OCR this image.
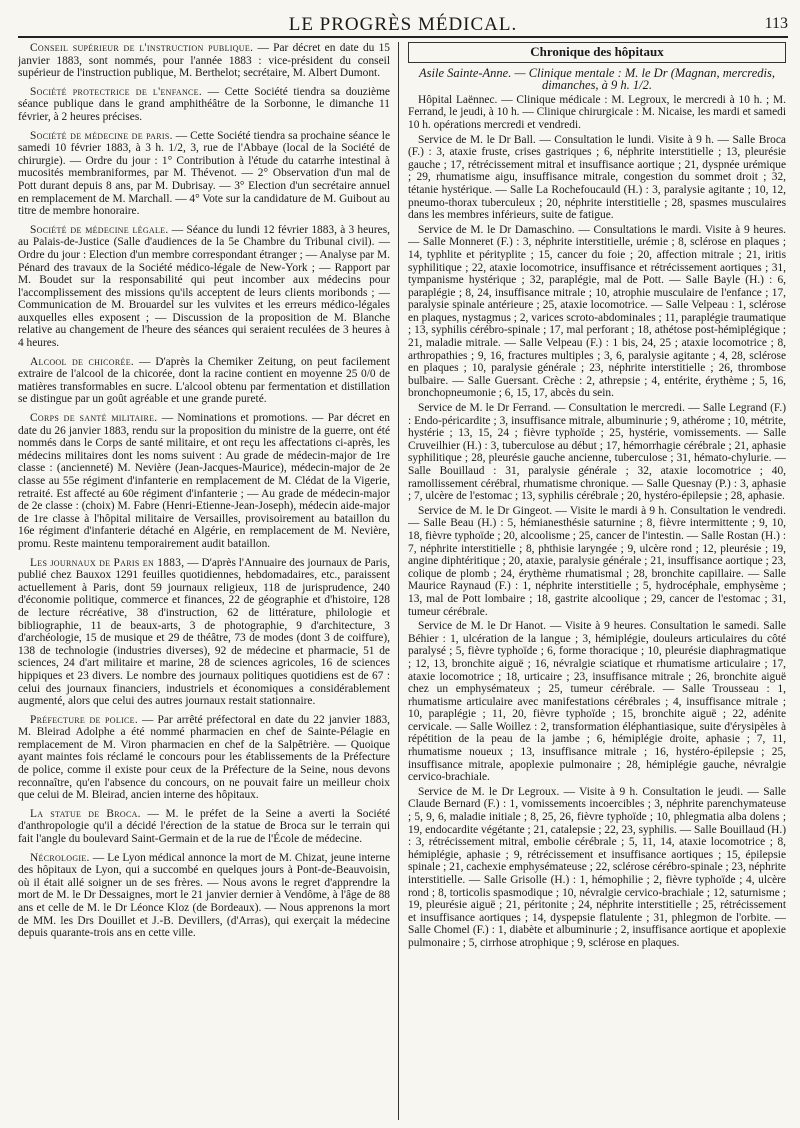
LE PROGRÈS MÉDICAL.	113

Conseil supérieur de l'instruction publique. — Par décret en date du 15 janvier 1883, sont nommés, pour l'année 1883 : vice-président du conseil supérieur de l'instruction publique, M. Berthelot; secrétaire, M. Albert Dumont.

Société protectrice de l'enfance. — Cette Société tiendra sa douzième séance publique dans le grand amphithéâtre de la Sorbonne, le dimanche 11 février, à 2 heures précises.

Société de médecine de paris. — Cette Société tiendra sa prochaine séance le samedi 10 février 1883, à 3 h. 1/2, 3, rue de l'Abbaye (local de la Société de chirurgie). — Ordre du jour : 1° Contribution à l'étude du catarrhe intestinal à mucosités membraniformes, par M. Thévenot. — 2° Observation d'un mal de Pott durant depuis 8 ans, par M. Dubrisay. — 3° Election d'un secrétaire annuel en remplacement de M. Marchall. — 4° Vote sur la candidature de M. Guibout au titre de membre honoraire.

Société de médecine légale. — Séance du lundi 12 février 1883, à 3 heures, au Palais-de-Justice (Salle d'audiences de la 5e Chambre du Tribunal civil). — Ordre du jour : Election d'un membre correspondant étranger ; — Analyse par M. Pénard des travaux de la Société médico-légale de New-York ; — Rapport par M. Boudet sur la responsabilité qui peut incomber aux médecins pour l'accomplissement des missions qu'ils acceptent de leurs clients moribonds ; — Communication de M. Brouardel sur les vulvites et les erreurs médico-légales auxquelles elles exposent ; — Discussion de la proposition de M. Blanche relative au changement de l'heure des séances qui seraient reculées de 3 heures à 4 heures.

Alcool de chicorée. — D'après la Chemiker Zeitung, on peut facilement extraire de l'alcool de la chicorée, dont la racine contient en moyenne 25 0/0 de matières transformables en sucre. L'alcool obtenu par fermentation et distillation se distingue par un goût agréable et une grande pureté.

Corps de santé militaire. — Nominations et promotions. — Par décret en date du 26 janvier 1883, rendu sur la proposition du ministre de la guerre, ont été nommés dans le Corps de santé militaire, et ont reçu les affectations ci-après, les médecins militaires dont les noms suivent : Au grade de médecin-major de 1re classe : (ancienneté) M. Nevière (Jean-Jacques-Maurice), médecin-major de 2e classe au 55e régiment d'infanterie en remplacement de M. Clédat de la Vigerie, retraité. Est affecté au 60e régiment d'infanterie ; — Au grade de médecin-major de 2e classe : (choix) M. Fabre (Henri-Etienne-Jean-Joseph), médecin aide-major de 1re classe à l'hôpital militaire de Versailles, provisoirement au bataillon du 16e régiment d'infanterie détaché en Algérie, en remplacement de M. Nevière, promu. Reste maintenu temporairement audit bataillon.

Les journaux de Paris en 1883, — D'après l'Annuaire des journaux de Paris, publié chez Bauxox 1291 feuilles quotidiennes, hebdomadaires, etc., paraissent actuellement à Paris, dont 59 journaux religieux, 118 de jurisprudence, 240 d'économie politique, commerce et finances, 22 de géographie et d'histoire, 128 de lecture récréative, 38 d'instruction, 62 de littérature, philologie et bibliographie, 11 de beaux-arts, 3 de photographie, 9 d'architecture, 3 d'archéologie, 15 de musique et 29 de théâtre, 73 de modes (dont 3 de coiffure), 138 de technologie (industries diverses), 92 de médecine et pharmacie, 51 de sciences, 24 d'art militaire et marine, 28 de sciences agricoles, 16 de sciences hippiques et 23 divers. Le nombre des journaux politiques quotidiens est de 67 : celui des journaux financiers, industriels et économiques a considérablement augmenté, alors que celui des autres journaux restait stationnaire.

Préfecture de police. — Par arrêté préfectoral en date du 22 janvier 1883, M. Bleirad Adolphe a été nommé pharmacien en chef de Sainte-Pélagie en remplacement de M. Viron pharmacien en chef de la Salpêtrière. — Quoique ayant maintes fois réclamé le concours pour les établissements de la Préfecture de police, comme il existe pour ceux de la Préfecture de la Seine, nous devons reconnaître, qu'en l'absence du concours, on ne pouvait faire un meilleur choix que celui de M. Bleirad, ancien interne des hôpitaux.

La statue de Broca. — M. le préfet de la Seine a averti la Société d'anthropologie qu'il a décidé l'érection de la statue de Broca sur le terrain qui fait l'angle du boulevard Saint-Germain et de la rue de l'École de médecine.

Nécrologie. — Le Lyon médical annonce la mort de M. Chizat, jeune interne des hôpitaux de Lyon, qui a succombé en quelques jours à Pont-de-Beauvoisin, où il était allé soigner un de ses frères. — Nous avons le regret d'apprendre la mort de M. le Dr Dessaignes, mort le 21 janvier dernier à Vendôme, à l'âge de 88 ans et celle de M. le Dr Léonce Kloz (de Bordeaux). — Nous apprenons la mort de MM. les Drs Douillet et J.-B. Devillers, (d'Arras), qui exerçait la médecine depuis quarante-trois ans en cette ville.

Chronique des hôpitaux
Asile Sainte-Anne. — Clinique mentale : M. le Dr (Magnan, mercredis, dimanches, à 9 h. 1/2.

Hôpital Laënnec. — Clinique médicale : M. Legroux, le mercredi à 10 h. ; M. Ferrand, le jeudi, à 10 h. — Clinique chirurgicale : M. Nicaise, les mardi et samedi 10 h. opérations mercredi et vendredi.

Service de M. le Dr Ball. — Consultation le lundi. Visite à 9 h. — Salle Broca (F.) : 3, ataxie fruste, crises gastriques ; 6, néphrite interstitielle ; 13, pleurésie gauche ; 17, rétrécissement mitral et insuffisance aortique ; 21, dyspnée urémique ; 29, rhumatisme aigu, insuffisance mitrale, congestion du sommet droit ; 32, tétanie hystérique. — Salle La Rochefoucauld (H.) : 3, paralysie agitante ; 10, 12, pneumo-thorax tuberculeux ; 20, néphrite interstitielle ; 28, spasmes musculaires dans les membres inférieurs, suite de fatigue.

Service de M. le Dr Damaschino. — Consultations le mardi. Visite à 9 heures. — Salle Monneret (F.) : 3, néphrite interstitielle, urémie ; 8, sclérose en plaques ; 14, typhlite et pérityplite ; 15, cancer du foie ; 20, affection mitrale ; 21, iritis syphilitique ; 22, ataxie locomotrice, insuffisance et rétrécissement aortiques ; 31, tympanisme hystérique ; 32, paraplégie, mal de Pott. — Salle Bayle (H.) : 6, paraplégie ; 8, 24, insuffisance mitrale ; 10, atrophie musculaire de l'enfance ; 17, paralysie spinale antérieure ; 25, ataxie locomotrice. — Salle Velpeau : 1, sclérose en plaques, nystagmus ; 2, varices scroto-abdominales ; 11, paraplégie traumatique ; 13, syphilis cérébro-spinale ; 17, mal perforant ; 18, athétose post-hémiplégique ; 21, maladie mitrale. — Salle Velpeau (F.) : 1 bis, 24, 25 ; ataxie locomotrice ; 8, arthropathies ; 9, 16, fractures multiples ; 3, 6, paralysie agitante ; 4, 28, sclérose en plaques ; 10, paralysie générale ; 23, néphrite interstitielle ; 26, thrombose bulbaire. — Salle Guersant. Crèche : 2, athrepsie ; 4, entérite, érythème ; 5, 16, bronchopneumonie ; 6, 15, 17, abcès du sein.

Service de M. le Dr Ferrand. — Consultation le mercredi. — Salle Legrand (F.) : Endo-péricardite ; 3, insuffisance mitrale, albuminurie ; 9, athérome ; 10, métrite, hystérie ; 13, 15, 24 ; fièvre typhoïde ; 25, hystérie, vomissements. — Salle Cruveilhier (H.) : 3, tuberculose au début ; 17, hémorrhagie cérébrale ; 21, aphasie syphilitique ; 28, pleurésie gauche ancienne, tuberculose ; 31, hémato-chylurie. — Salle Bouillaud : 31, paralysie générale ; 32, ataxie locomotrice ; 40, ramollissement cérébral, rhumatisme chronique. — Salle Quesnay (P.) : 3, aphasie ; 7, ulcère de l'estomac ; 13, syphilis cérébrale ; 20, hystéro-épilepsie ; 28, aphasie.

Service de M. le Dr Gingeot. — Visite le mardi à 9 h. Consultation le vendredi. — Salle Beau (H.) : 5, hémianesthésie saturnine ; 8, fièvre intermittente ; 9, 10, 18, fièvre typhoïde ; 20, alcoolisme ; 25, cancer de l'intestin. — Salle Rostan (H.) : 7, néphrite interstitielle ; 8, phthisie laryngée ; 9, ulcère rond ; 12, pleurésie ; 19, angine diphtéritique ; 20, ataxie, paralysie générale ; 21, insuffisance aortique ; 23, colique de plomb ; 24, érythème rhumatismal ; 28, bronchite capillaire. — Salle Maurice Raynaud (F.) : 1, néphrite interstitielle ; 5, hydrocéphale, emphysème ; 13, mal de Pott lombaire ; 18, gastrite alcoolique ; 29, cancer de l'estomac ; 31, tumeur cérébrale.

Service de M. le Dr Hanot. — Visite à 9 heures. Consultation le samedi. Salle Béhier : 1, ulcération de la langue ; 3, hémiplégie, douleurs articulaires du côté paralysé ; 5, fièvre typhoïde ; 6, forme thoracique ; 10, pleurésie diaphragmatique ; 12, 13, bronchite aiguë ; 16, névralgie sciatique et rhumatisme articulaire ; 17, ataxie locomotrice ; 18, urticaire ; 23, insuffisance mitrale ; 26, bronchite aiguë chez un emphysémateux ; 25, tumeur cérébrale. — Salle Trousseau : 1, rhumatisme articulaire avec manifestations cérébrales ; 4, insuffisance mitrale ; 10, paraplégie ; 11, 20, fièvre typhoïde ; 15, bronchite aiguë ; 22, adénite cervicale. — Salle Woillez : 2, transformation éléphantiasique, suite d'érysipèles à répétition de la peau de la jambe ; 6, hémiplégie droite, aphasie ; 7, 11, rhumatisme noueux ; 13, insuffisance mitrale ; 16, hystéro-épilepsie ; 25, insuffisance mitrale, apoplexie pulmonaire ; 28, hémiplégie gauche, névralgie cervico-brachiale.

Service de M. le Dr Legroux. — Visite à 9 h. Consultation le jeudi. — Salle Claude Bernard (F.) : 1, vomissements incoercibles ; 3, néphrite parenchymateuse ; 5, 9, 6, maladie initiale ; 8, 25, 26, fièvre typhoïde ; 10, phlegmatia alba dolens ; 19, endocardite végétante ; 21, catalepsie ; 22, 23, syphilis. — Salle Bouillaud (H.) : 3, rétrécissement mitral, embolie cérébrale ; 5, 11, 14, ataxie locomotrice ; 8, hémiplégie, aphasie ; 9, rétrécissement et insuffisance aortiques ; 15, épilepsie spinale ; 21, cachexie emphysémateuse ; 22, sclérose cérébro-spinale ; 23, néphrite interstitielle. — Salle Grisolle (H.) : 1, hémophilie ; 2, fièvre typhoïde ; 4, ulcère rond ; 8, torticolis spasmodique ; 10, névralgie cervico-brachiale ; 12, saturnisme ; 19, pleurésie aiguë ; 21, péritonite ; 24, néphrite interstitielle ; 25, rétrécissement et insuffisance aortiques ; 14, dyspepsie flatulente ; 31, phlegmon de l'orbite. — Salle Chomel (F.) : 1, diabète et albuminurie ; 2, insuffisance aortique et apoplexie pulmonaire ; 5, cirrhose atrophique ; 9, sclérose en plaques.
